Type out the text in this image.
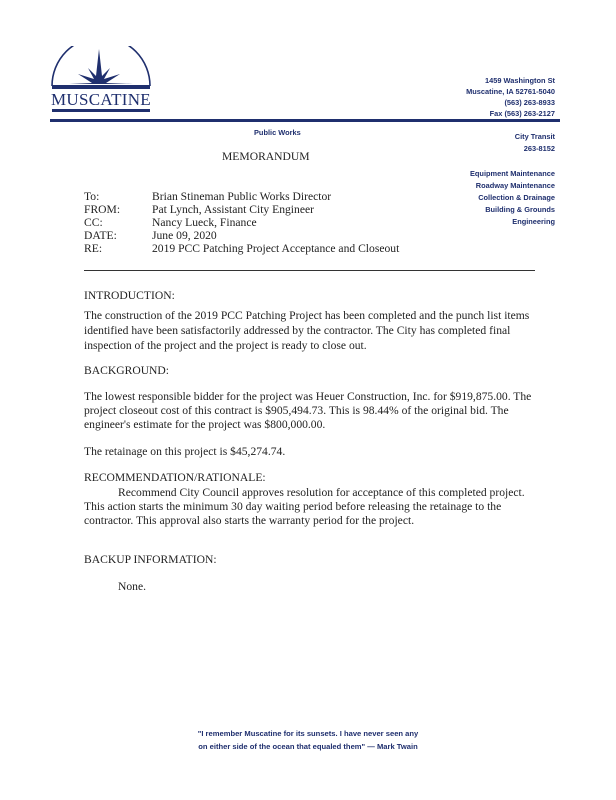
MUSCATINE
1459 Washington St
Muscatine, IA 52761-5040
(563) 263-8933
Fax (563) 263-2127
Public Works	City Transit
263-8152
Equipment Maintenance
Roadway Maintenance
Collection & Drainage
Building & Grounds
Engineering
MEMORANDUM
To:	Brian Stineman Public Works Director
FROM:	Pat Lynch, Assistant City Engineer
CC:	Nancy Lueck, Finance
DATE:	June 09, 2020
RE:	2019 PCC Patching Project Acceptance and Closeout
INTRODUCTION:
The construction of the 2019 PCC Patching Project has been completed and the punch list items
identified have been satisfactorily addressed by the contractor. The City has completed final
inspection of the project and the project is ready to close out.
BACKGROUND:
The lowest responsible bidder for the project was Heuer Construction, Inc. for $919,875.00. The
project closeout cost of this contract is $905,494.73. This is 98.44% of the original bid. The
engineer's estimate for the project was $800,000.00.
The retainage on this project is $45,274.74.
RECOMMENDATION/RATIONALE:
Recommend City Council approves resolution for acceptance of this completed project.
This action starts the minimum 30 day waiting period before releasing the retainage to the
contractor. This approval also starts the warranty period for the project.
BACKUP INFORMATION:
None.
"I remember Muscatine for its sunsets. I have never seen any
on either side of the ocean that equaled them" — Mark Twain
